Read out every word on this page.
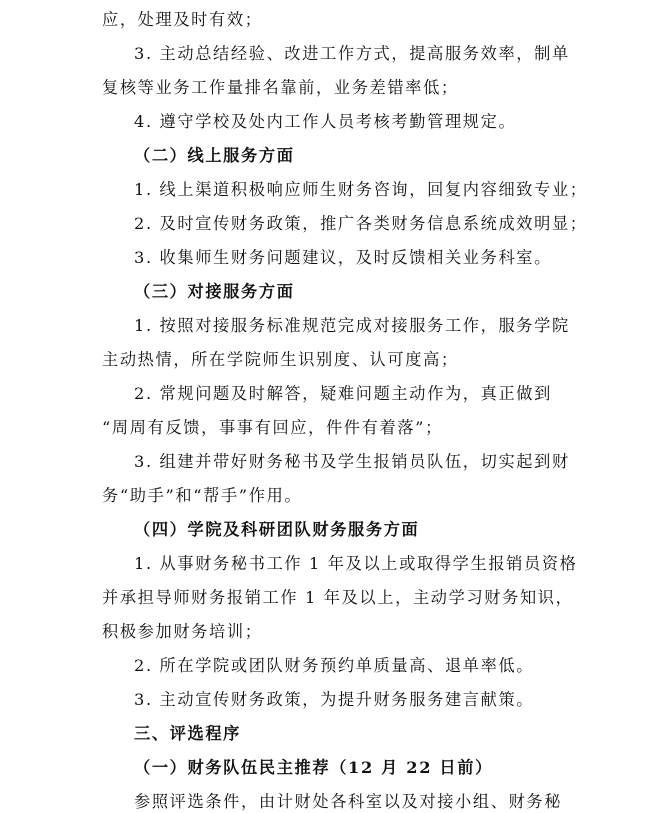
应，处理及时有效；
3. 主动总结经验、改进工作方式，提高服务效率，制单
复核等业务工作量排名靠前，业务差错率低；
4. 遵守学校及处内工作人员考核考勤管理规定。
（二）线上服务方面
1. 线上渠道积极响应师生财务咨询，回复内容细致专业；
2. 及时宣传财务政策，推广各类财务信息系统成效明显；
3. 收集师生财务问题建议，及时反馈相关业务科室。
（三）对接服务方面
1. 按照对接服务标准规范完成对接服务工作，服务学院
主动热情，所在学院师生识别度、认可度高；
2. 常规问题及时解答，疑难问题主动作为，真正做到
“周周有反馈，事事有回应，件件有着落”；
3. 组建并带好财务秘书及学生报销员队伍，切实起到财
务“助手”和“帮手”作用。
（四）学院及科研团队财务服务方面
1. 从事财务秘书工作 1 年及以上或取得学生报销员资格
并承担导师财务报销工作 1 年及以上，主动学习财务知识，
积极参加财务培训；
2. 所在学院或团队财务预约单质量高、退单率低。
3. 主动宣传财务政策，为提升财务服务建言献策。
三、评选程序
（一）财务队伍民主推荐（12 月 22 日前）
参照评选条件，由计财处各科室以及对接小组、财务秘
